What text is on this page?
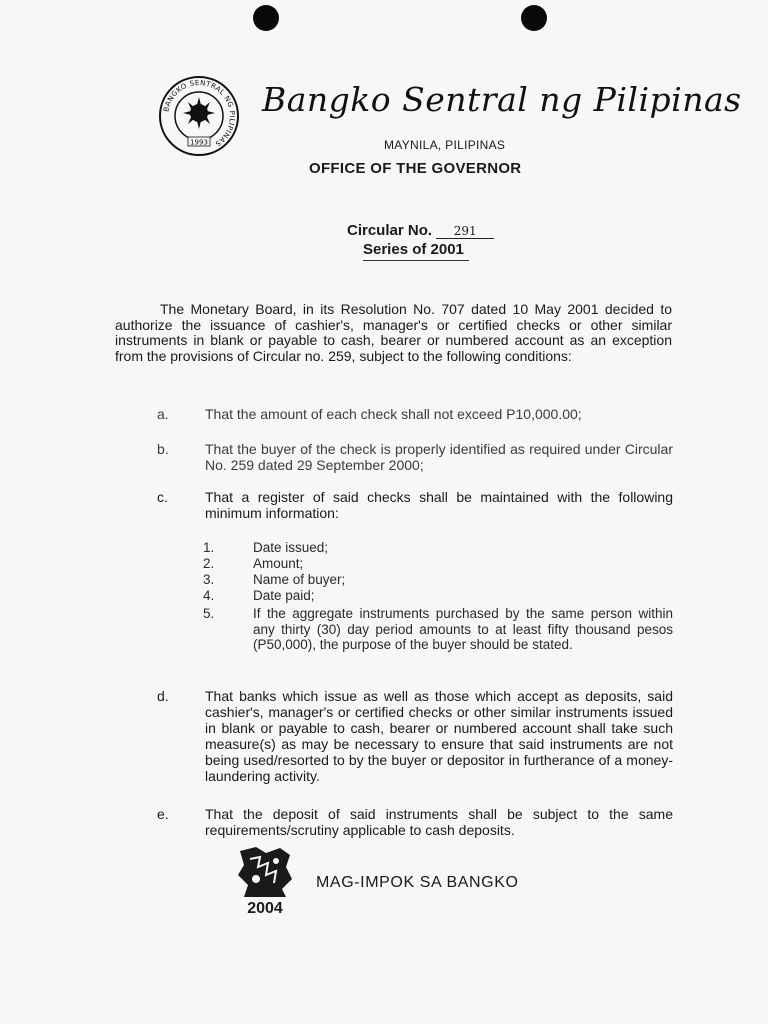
BANGKO SENTRAL NG PILIPINAS
1993
Bangko Sentral ng Pilipinas
MAYNILA, PILIPINAS
OFFICE OF THE GOVERNOR
Circular No. 291
Series of 2001
The Monetary Board, in its Resolution No. 707 dated 10 May 2001 decided to authorize the issuance of cashier's, manager's or certified checks or other similar instruments in blank or payable to cash, bearer or numbered account as an exception from the provisions of Circular no. 259, subject to the following conditions:
a.	That the amount of each check shall not exceed P10,000.00;
b.	That the buyer of the check is properly identified as required under Circular No. 259 dated 29 September 2000;
c.	That a register of said checks shall be maintained with the following minimum information:
1.	Date issued;
2.	Amount;
3.	Name of buyer;
4.	Date paid;
5.	If the aggregate instruments purchased by the same person within any thirty (30) day period amounts to at least fifty thousand pesos (P50,000), the purpose of the buyer should be stated.
d.	That banks which issue as well as those which accept as deposits, said cashier's, manager's or certified checks or other similar instruments issued in blank or payable to cash, bearer or numbered account shall take such measure(s) as may be necessary to ensure that said instruments are not being used/resorted to by the buyer or depositor in furtherance of a money-laundering activity.
e.	That the deposit of said instruments shall be subject to the same requirements/scrutiny applicable to cash deposits.
2004
MAG-IMPOK SA BANGKO
